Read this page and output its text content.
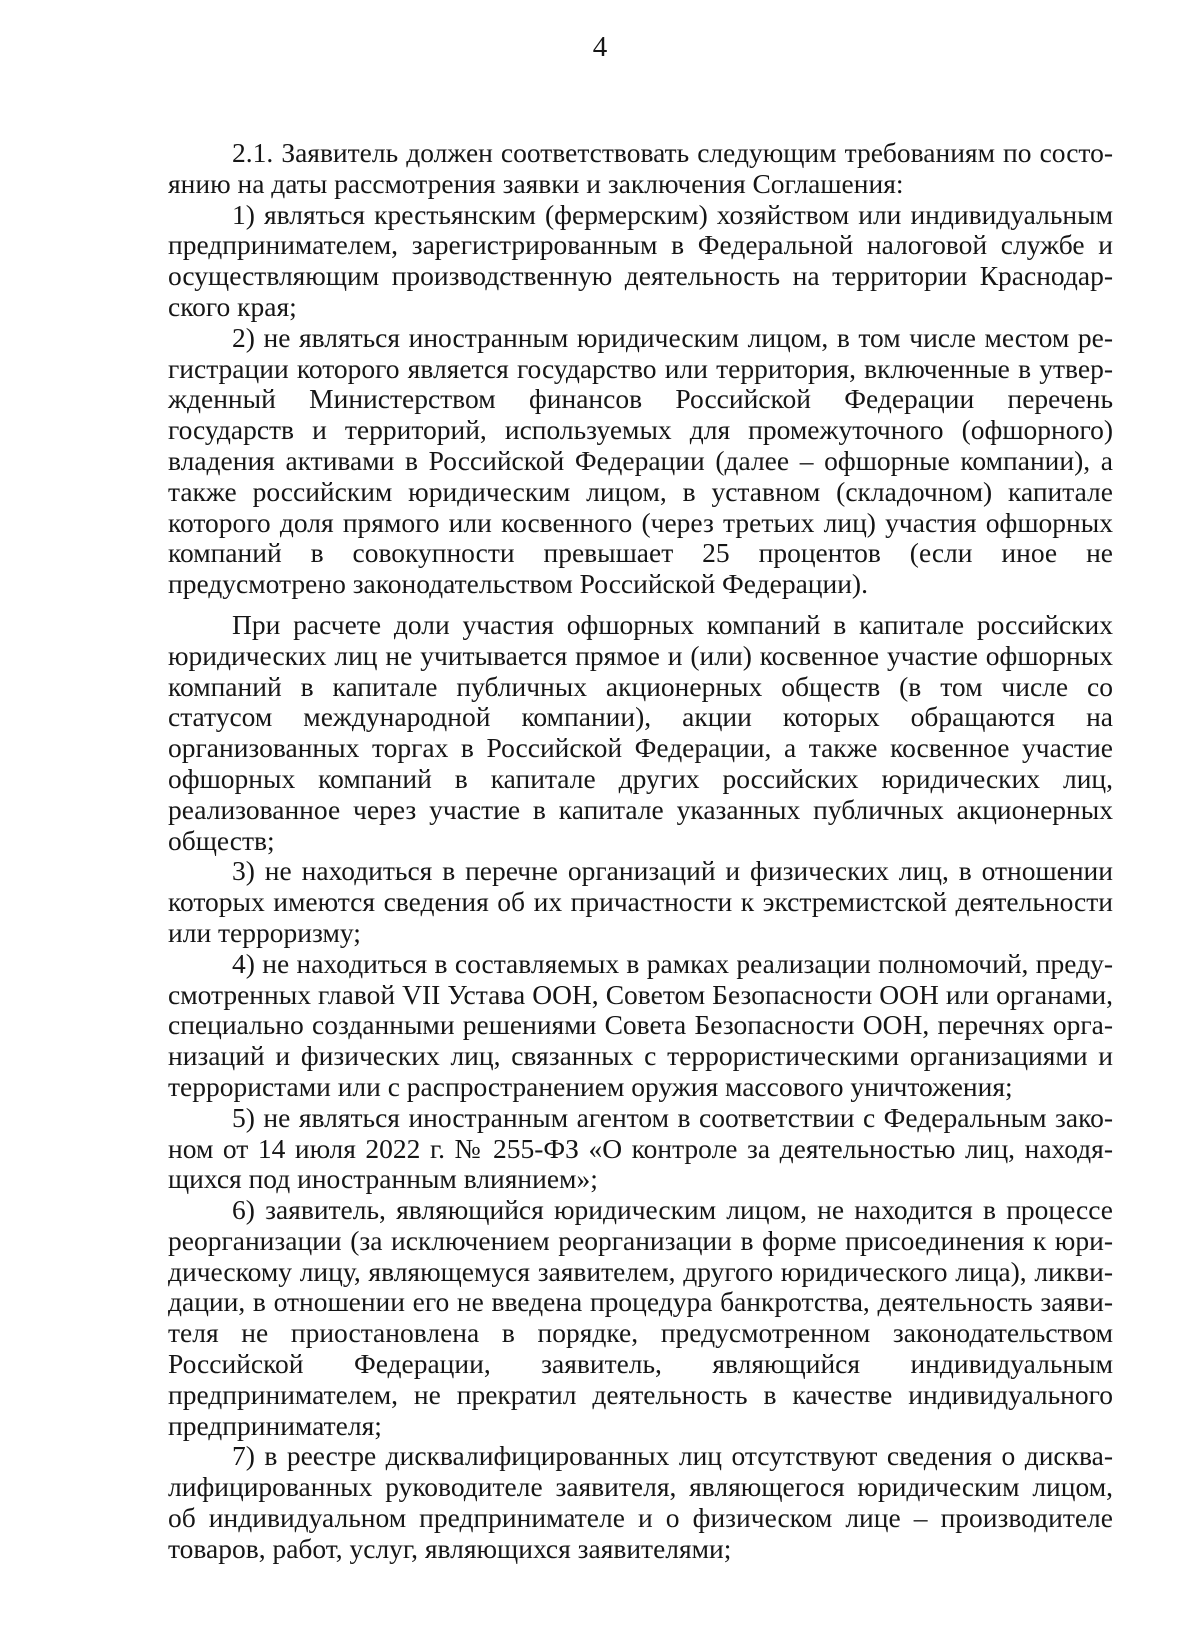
4

2.1. Заявитель должен соответствовать следующим требованиям по состоянию на даты рассмотрения заявки и заключения Соглашения:

1) являться крестьянским (фермерским) хозяйством или индивидуальным предпринимателем, зарегистрированным в Федеральной налоговой службе и осуществляющим производственную деятельность на территории Краснодарского края;

2) не являться иностранным юридическим лицом, в том числе местом регистрации которого является государство или территория, включенные в утвержденный Министерством финансов Российской Федерации перечень государств и территорий, используемых для промежуточного (офшорного) владения активами в Российской Федерации (далее – офшорные компании), а также российским юридическим лицом, в уставном (складочном) капитале которого доля прямого или косвенного (через третьих лиц) участия офшорных компаний в совокупности превышает 25 процентов (если иное не предусмотрено законодательством Российской Федерации).

При расчете доли участия офшорных компаний в капитале российских юридических лиц не учитывается прямое и (или) косвенное участие офшорных компаний в капитале публичных акционерных обществ (в том числе со статусом международной компании), акции которых обращаются на организованных торгах в Российской Федерации, а также косвенное участие офшорных компаний в капитале других российских юридических лиц, реализованное через участие в капитале указанных публичных акционерных обществ;

3) не находиться в перечне организаций и физических лиц, в отношении которых имеются сведения об их причастности к экстремистской деятельности или терроризму;

4) не находиться в составляемых в рамках реализации полномочий, предусмотренных главой VII Устава ООН, Советом Безопасности ООН или органами, специально созданными решениями Совета Безопасности ООН, перечнях организаций и физических лиц, связанных с террористическими организациями и террористами или с распространением оружия массового уничтожения;

5) не являться иностранным агентом в соответствии с Федеральным законом от 14 июля 2022 г. № 255-ФЗ «О контроле за деятельностью лиц, находящихся под иностранным влиянием»;

6) заявитель, являющийся юридическим лицом, не находится в процессе реорганизации (за исключением реорганизации в форме присоединения к юридическому лицу, являющемуся заявителем, другого юридического лица), ликвидации, в отношении его не введена процедура банкротства, деятельность заявителя не приостановлена в порядке, предусмотренном законодательством Российской Федерации, заявитель, являющийся индивидуальным предпринимателем, не прекратил деятельность в качестве индивидуального предпринимателя;

7) в реестре дисквалифицированных лиц отсутствуют сведения о дисквалифицированных руководителе заявителя, являющегося юридическим лицом, об индивидуальном предпринимателе и о физическом лице – производителе товаров, работ, услуг, являющихся заявителями;
